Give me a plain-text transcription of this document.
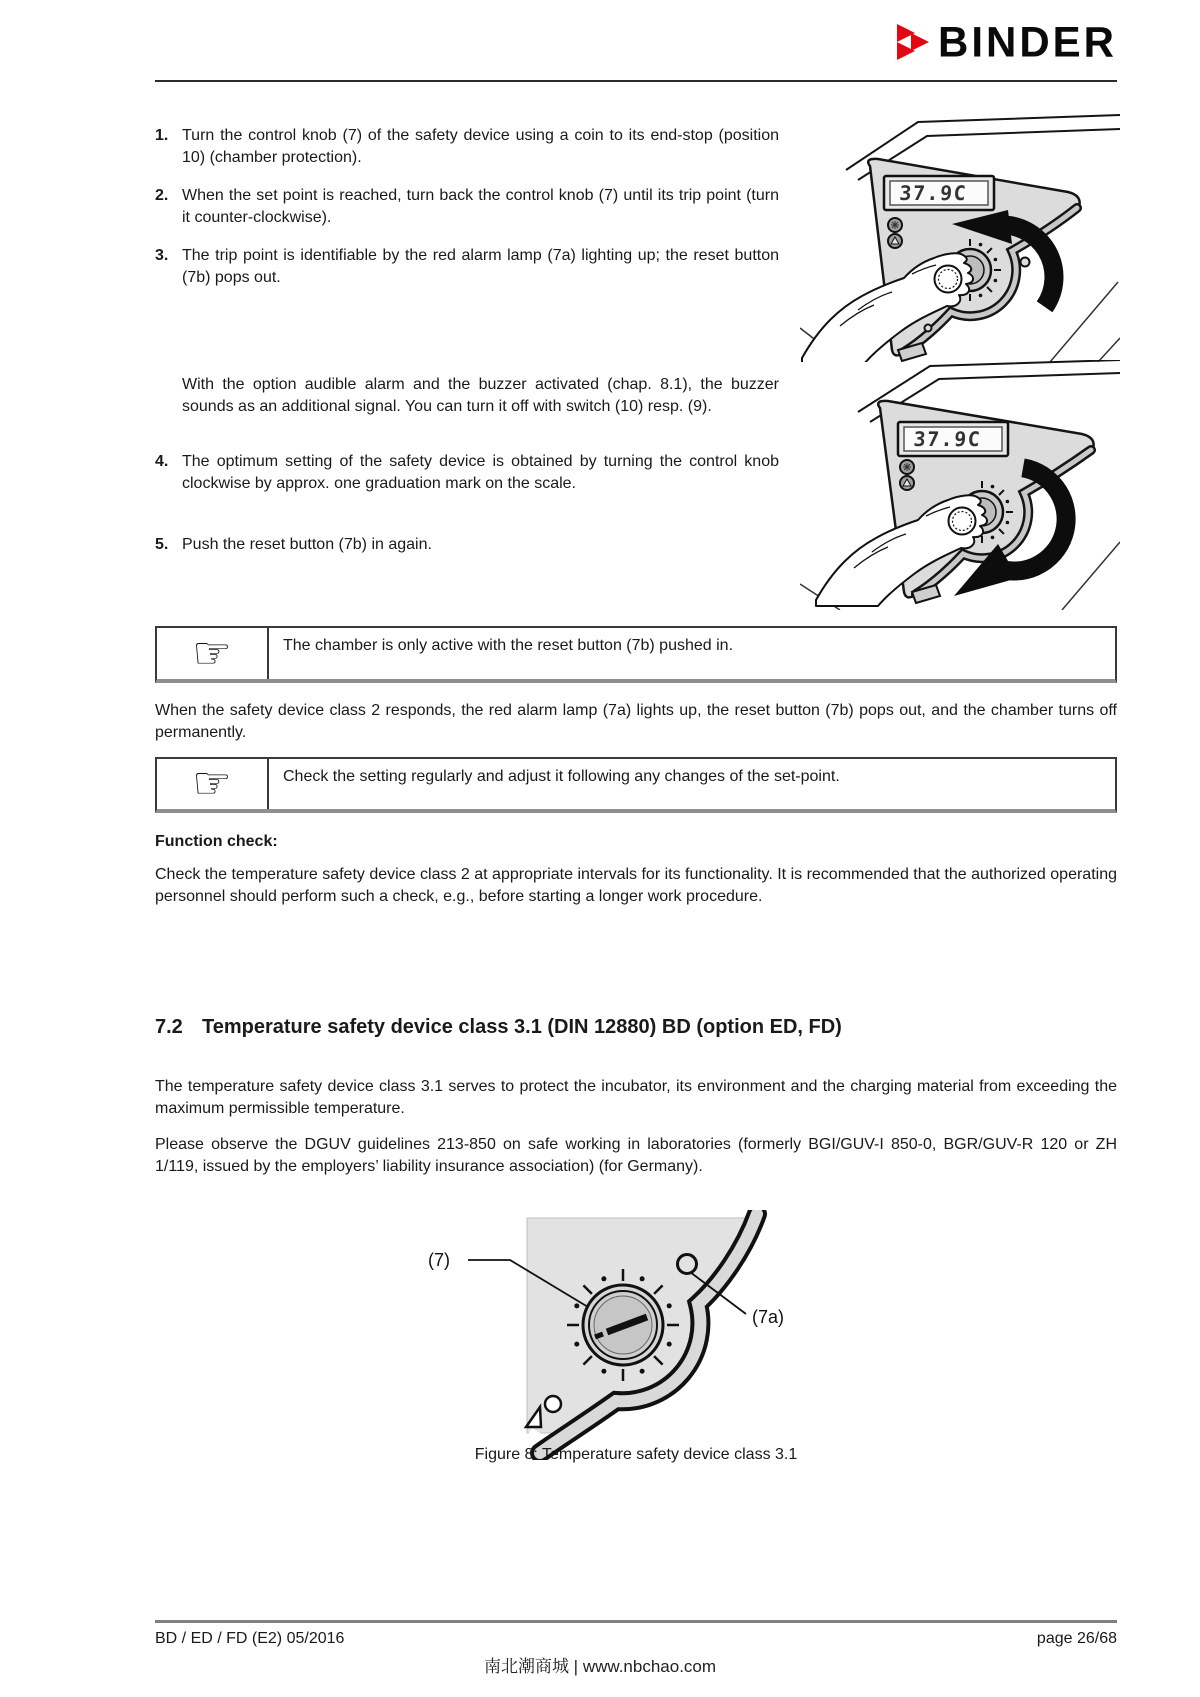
BINDER
1. Turn the control knob (7) of the safety device using a coin to its end-stop (position 10) (chamber protection).
2. When the set point is reached, turn back the control knob (7) until its trip point (turn it counter-clockwise).
3. The trip point is identifiable by the red alarm lamp (7a) lighting up; the reset button (7b) pops out.
With the option audible alarm and the buzzer activated (chap. 8.1), the buzzer sounds as an additional signal. You can turn it off with switch (10) resp. (9).
4. The optimum setting of the safety device is obtained by turning the control knob clockwise by approx. one graduation mark on the scale.
5. Push the reset button (7b) in again.
37.9C
37.9C
☞	The chamber is only active with the reset button (7b) pushed in.
When the safety device class 2 responds, the red alarm lamp (7a) lights up, the reset button (7b) pops out, and the chamber turns off permanently.
☞	Check the setting regularly and adjust it following any changes of the set-point.
Function check:
Check the temperature safety device class 2 at appropriate intervals for its functionality. It is recommended that the authorized operating personnel should perform such a check, e.g., before starting a longer work procedure.
7.2 Temperature safety device class 3.1 (DIN 12880) BD (option ED, FD)
The temperature safety device class 3.1 serves to protect the incubator, its environment and the charging material from exceeding the maximum permissible temperature.
Please observe the DGUV guidelines 213-850 on safe working in laboratories (formerly BGI/GUV-I 850-0, BGR/GUV-R 120 or ZH 1/119, issued by the employers’ liability insurance association) (for Germany).
(7)
(7a)
Figure 8: Temperature safety device class 3.1
BD / ED / FD (E2) 05/2016	page 26/68
南北潮商城 | www.nbchao.com
